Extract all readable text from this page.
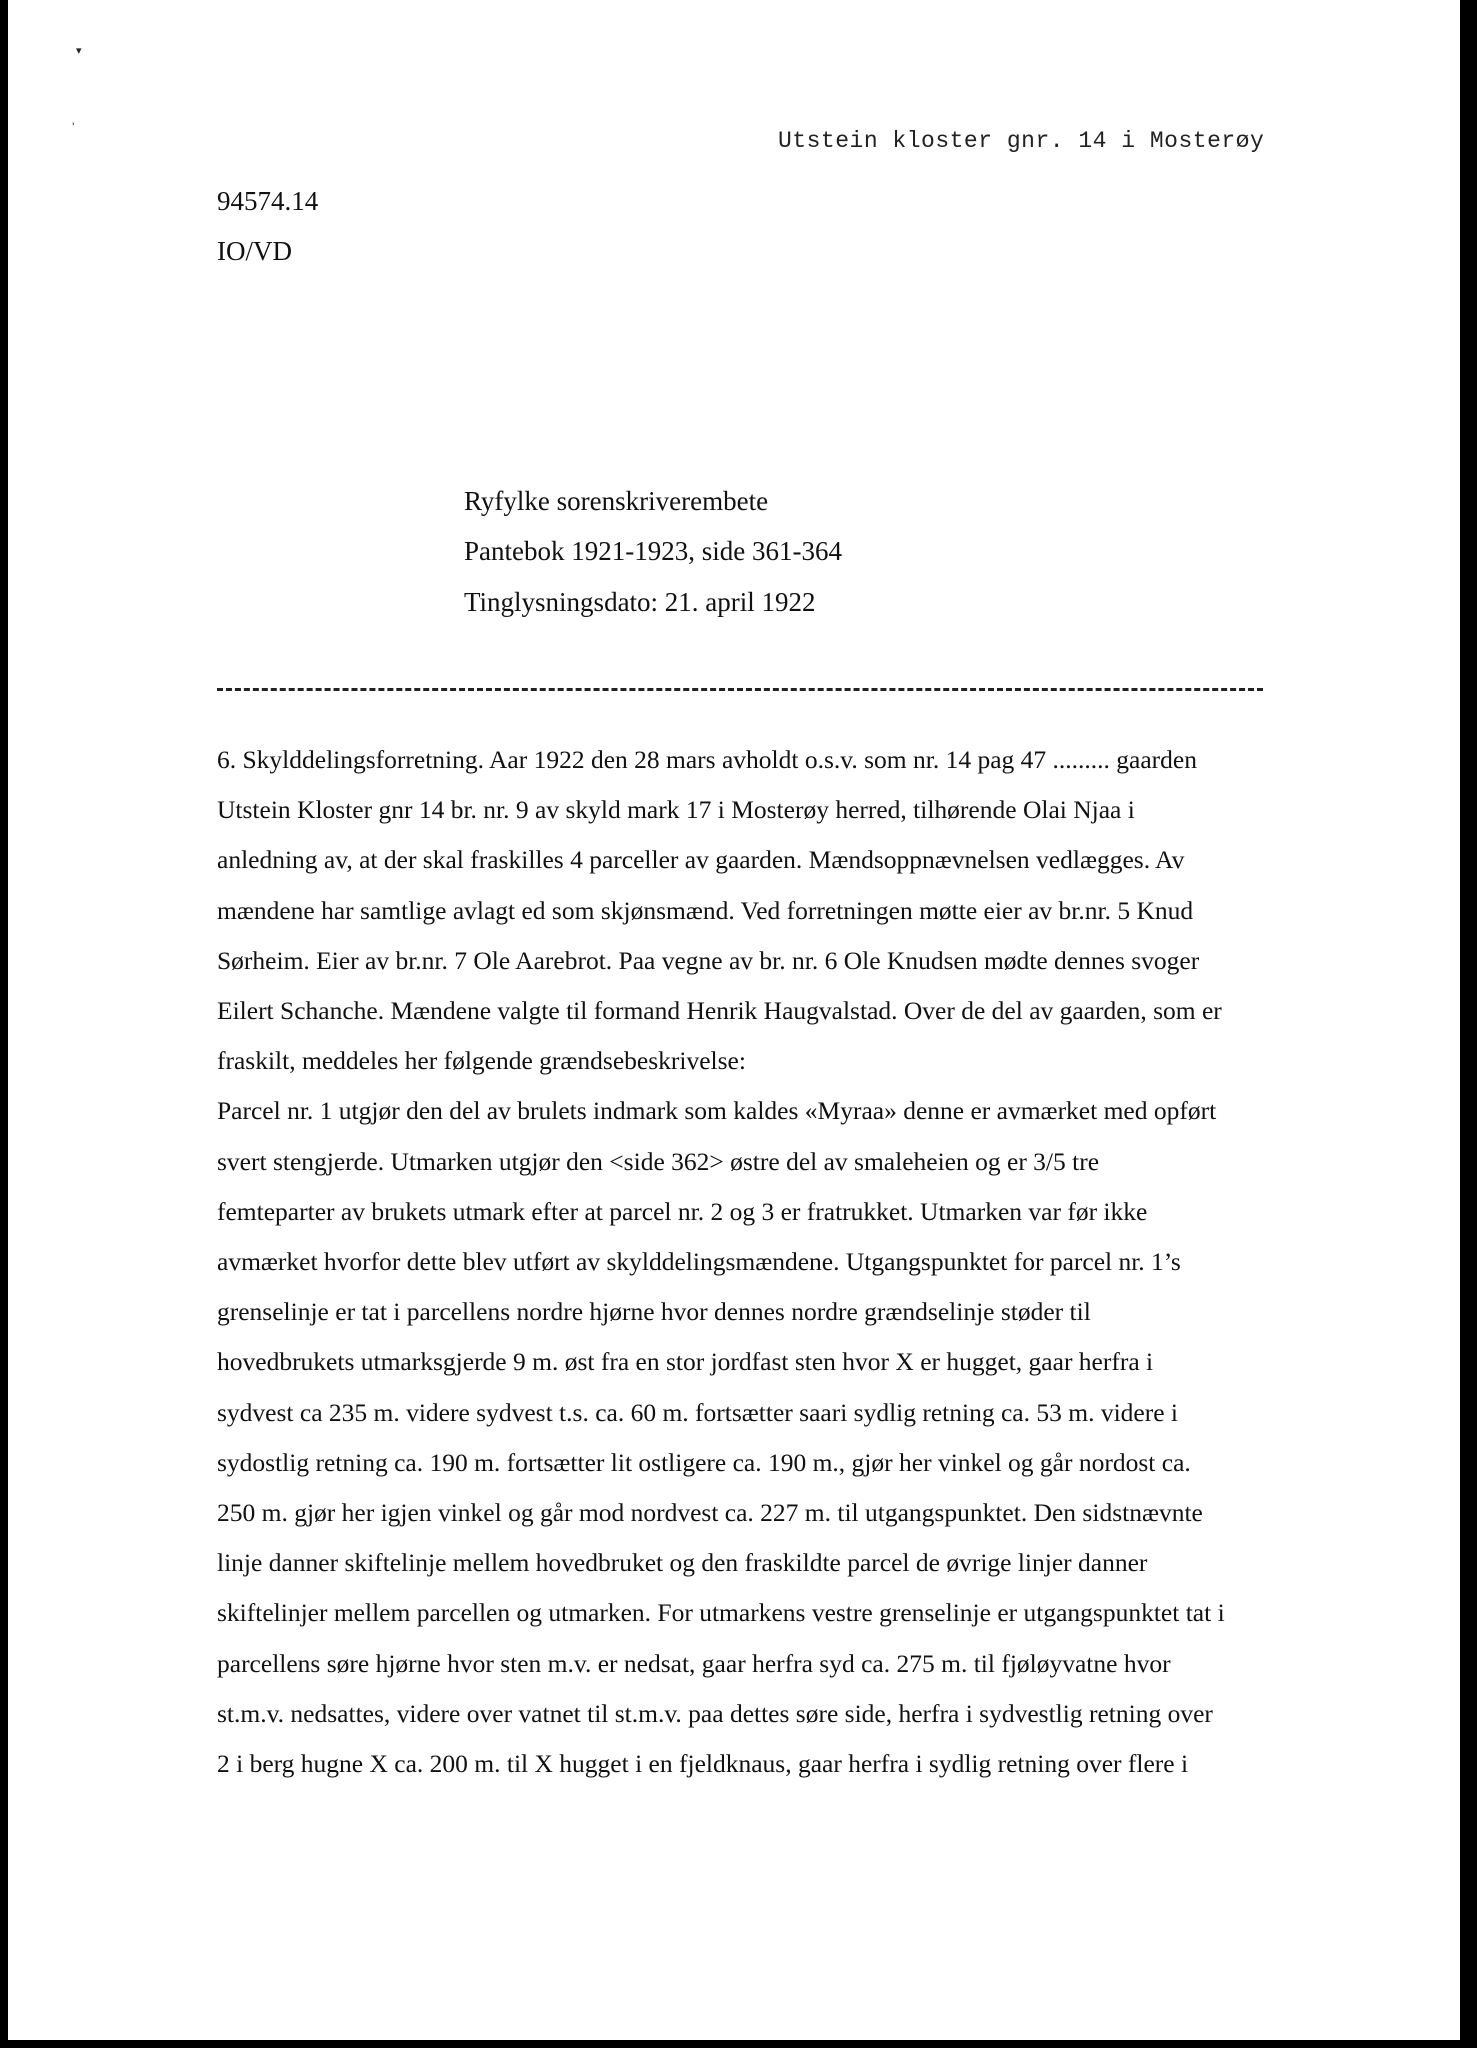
▾
˒
Utstein kloster gnr. 14 i Mosterøy
94574.14
IO/VD
Ryfylke sorenskriverembete
Pantebok 1921-1923, side 361-364
Tinglysningsdato: 21. april 1922
6. Skylddelingsforretning. Aar 1922 den 28 mars avholdt o.s.v. som nr. 14 pag 47 ......... gaarden
Utstein Kloster gnr 14 br. nr. 9 av skyld mark 17 i Mosterøy herred, tilhørende Olai Njaa i
anledning av, at der skal fraskilles 4 parceller av gaarden. Mændsoppnævnelsen vedlægges. Av
mændene har samtlige avlagt ed som skjønsmænd. Ved forretningen møtte eier av br.nr. 5 Knud
Sørheim. Eier av br.nr. 7 Ole Aarebrot. Paa vegne av br. nr. 6 Ole Knudsen mødte dennes svoger
Eilert Schanche. Mændene valgte til formand Henrik Haugvalstad. Over de del av gaarden, som er
fraskilt, meddeles her følgende grændsebeskrivelse:
Parcel nr. 1 utgjør den del av brulets indmark som kaldes «Myraa» denne er avmærket med opført
svert stengjerde. Utmarken utgjør den <side 362> østre del av smaleheien og er 3/5 tre
femteparter av brukets utmark efter at parcel nr. 2 og 3 er fratrukket. Utmarken var før ikke
avmærket hvorfor dette blev utført av skylddelingsmændene. Utgangspunktet for parcel nr. 1’s
grenselinje er tat i parcellens nordre hjørne hvor dennes nordre grændselinje støder til
hovedbrukets utmarksgjerde 9 m. øst fra en stor jordfast sten hvor X er hugget, gaar herfra i
sydvest ca 235 m. videre sydvest t.s. ca. 60 m. fortsætter saari sydlig retning ca. 53 m. videre i
sydostlig retning ca. 190 m. fortsætter lit ostligere ca. 190 m., gjør her vinkel og går nordost ca.
250 m. gjør her igjen vinkel og går mod nordvest ca. 227 m. til utgangspunktet. Den sidstnævnte
linje danner skiftelinje mellem hovedbruket og den fraskildte parcel de øvrige linjer danner
skiftelinjer mellem parcellen og utmarken. For utmarkens vestre grenselinje er utgangspunktet tat i
parcellens søre hjørne hvor sten m.v. er nedsat, gaar herfra syd ca. 275 m. til fjøløyvatne hvor
st.m.v. nedsattes, videre over vatnet til st.m.v. paa dettes søre side, herfra i sydvestlig retning over
2 i berg hugne X ca. 200 m. til X hugget i en fjeldknaus, gaar herfra i sydlig retning over flere i
